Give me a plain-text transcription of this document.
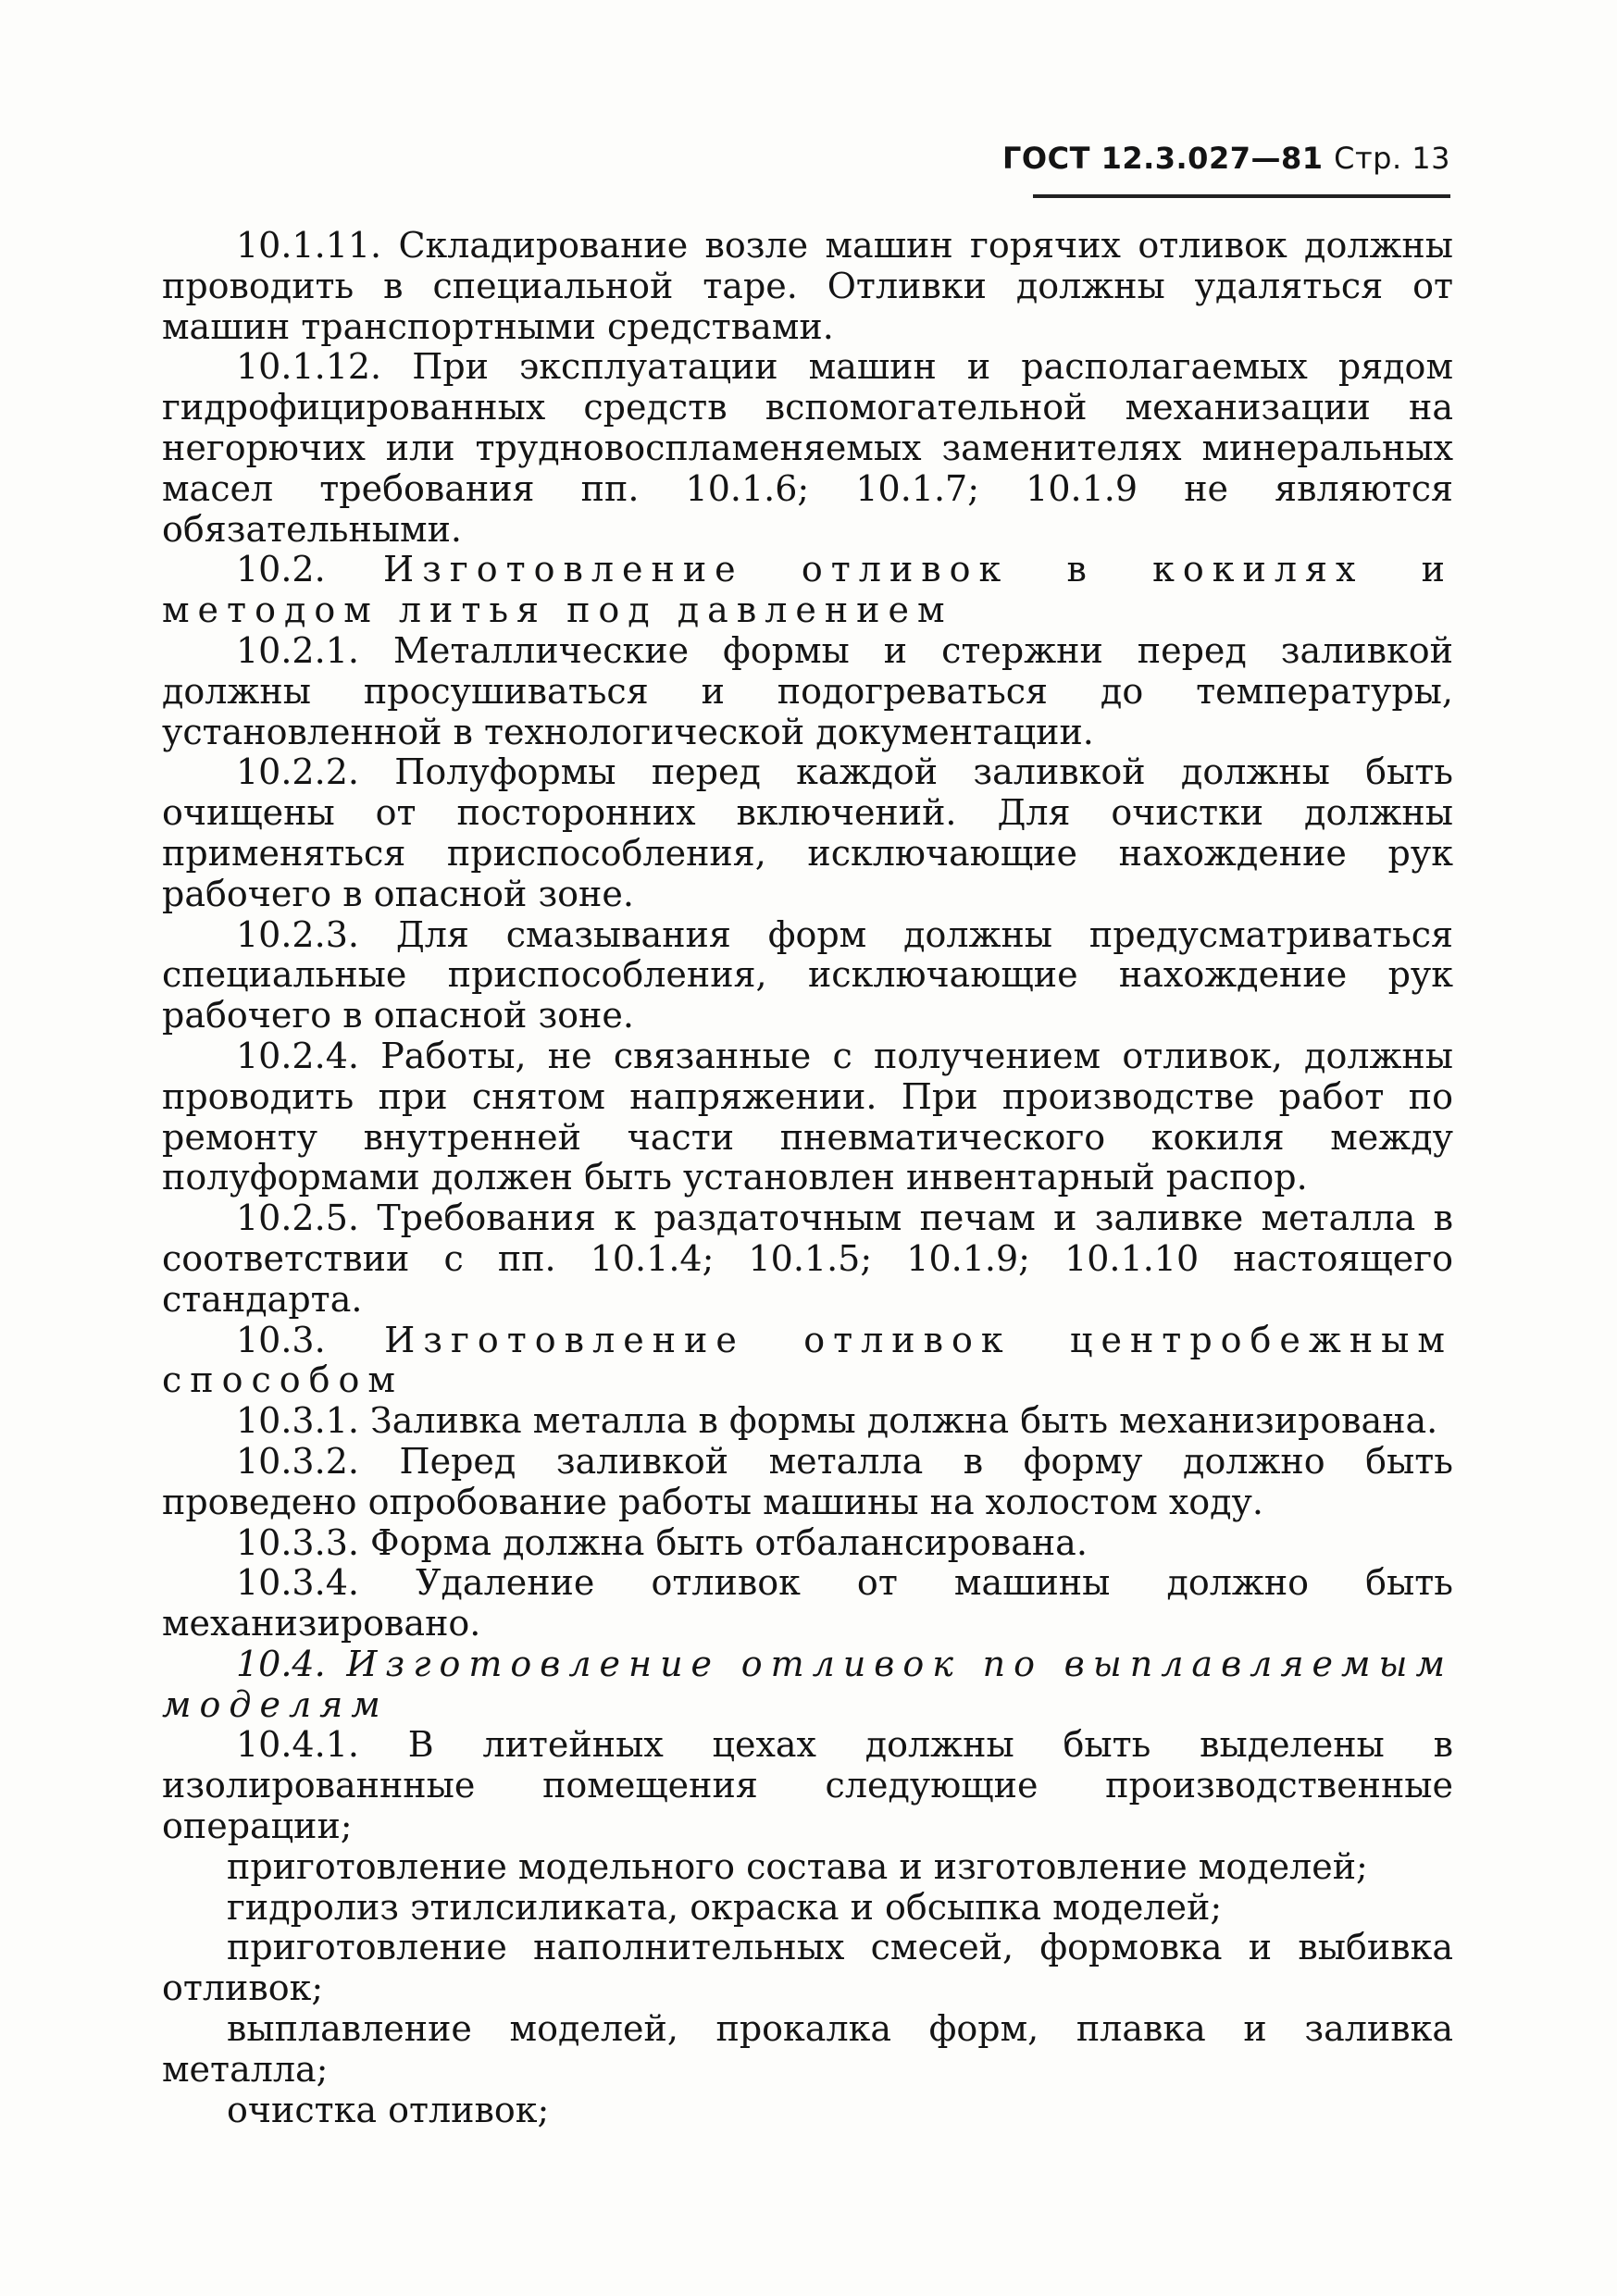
ГОСТ 12.3.027—81 Стр. 13

10.1.11. Складирование возле машин горячих отливок должны проводить в специальной таре. Отливки должны удаляться от машин транспортными средствами.

10.1.12. При эксплуатации машин и располагаемых рядом гидрофицированных средств вспомогательной механизации на негорючих или трудновоспламеняемых заменителях минеральных масел требования пп. 10.1.6; 10.1.7; 10.1.9 не являются обязательными.

10.2. Изготовление отливок в кокилях и методом литья под давлением

10.2.1. Металлические формы и стержни перед заливкой должны просушиваться и подогреваться до температуры, установленной в технологической документации.

10.2.2. Полуформы перед каждой заливкой должны быть очищены от посторонних включений. Для очистки должны применяться приспособления, исключающие нахождение рук рабочего в опасной зоне.

10.2.3. Для смазывания форм должны предусматриваться специальные приспособления, исключающие нахождение рук рабочего в опасной зоне.

10.2.4. Работы, не связанные с получением отливок, должны проводить при снятом напряжении. При производстве работ по ремонту внутренней части пневматического кокиля между полуформами должен быть установлен инвентарный распор.

10.2.5. Требования к раздаточным печам и заливке металла в соответствии с пп. 10.1.4; 10.1.5; 10.1.9; 10.1.10 настоящего стандарта.

10.3. Изготовление отливок центробежным способом

10.3.1. Заливка металла в формы должна быть механизирована.

10.3.2. Перед заливкой металла в форму должно быть проведено опробование работы машины на холостом ходу.

10.3.3. Форма должна быть отбалансирована.

10.3.4. Удаление отливок от машины должно быть механизировано.

10.4. Изготовление отливок по выплавляемым моделям

10.4.1. В литейных цехах должны быть выделены в изолированнные помещения следующие производственные операции;

приготовление модельного состава и изготовление моделей;

гидролиз этилсиликата, окраска и обсыпка моделей;

приготовление наполнительных смесей, формовка и выбивка отливок;

выплавление моделей, прокалка форм, плавка и заливка металла;

очистка отливок;
